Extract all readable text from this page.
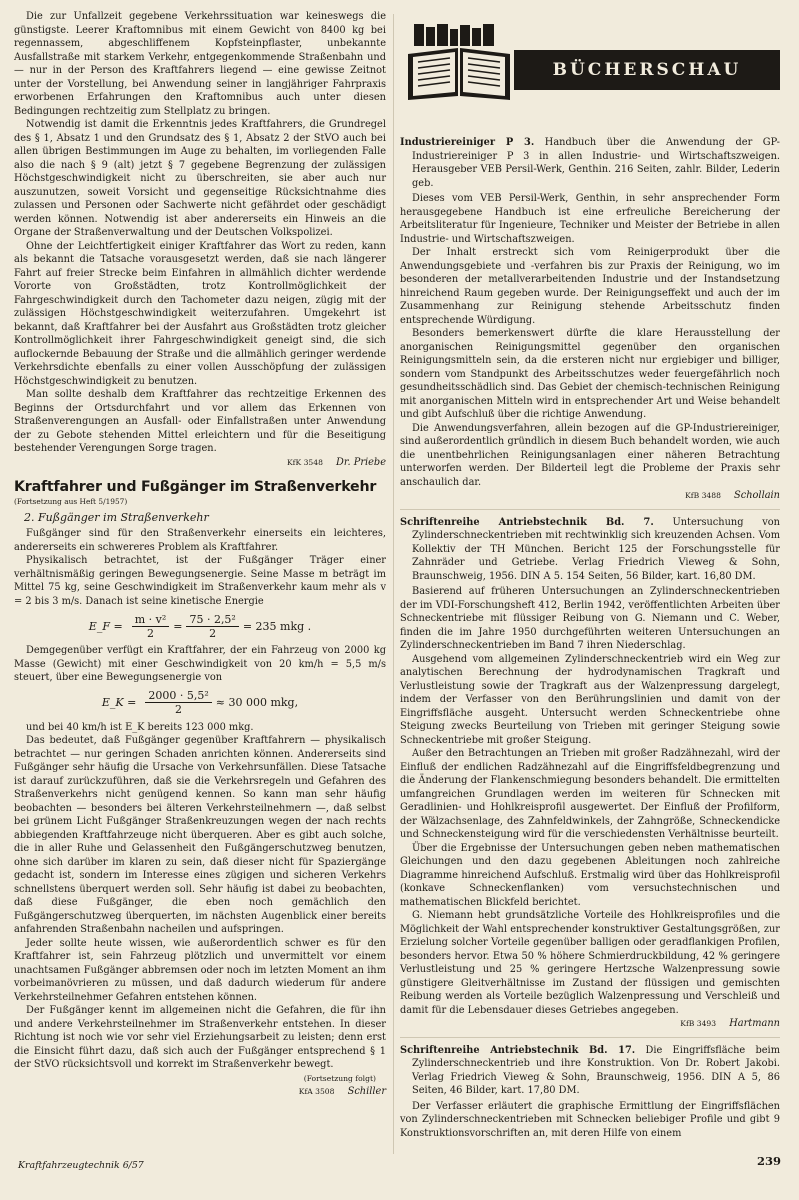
Die zur Unfallzeit gegebene Verkehrssituation war keineswegs die günstigste. Leerer Kraftomnibus mit einem Gewicht von 8400 kg bei regennassem, abgeschliffenem Kopfsteinpflaster, unbekannte Ausfallstraße mit starkem Verkehr, entgegenkommende Straßenbahn und — nur in der Person des Kraftfahrers liegend — eine gewisse Zeitnot unter der Vorstellung, bei Anwendung seiner in langjähriger Fahrpraxis erworbenen Erfahrungen den Kraftomnibus auch unter diesen Bedingungen rechtzeitig zum Stellplatz zu bringen.

Notwendig ist damit die Erkenntnis jedes Kraftfahrers, die Grundregel des § 1, Absatz 1 und den Grundsatz des § 1, Absatz 2 der StVO auch bei allen übrigen Bestimmungen im Auge zu behalten, im vorliegenden Falle also die nach § 9 (alt) jetzt § 7 gegebene Begrenzung der zulässigen Höchstgeschwindigkeit nicht zu überschreiten, sie aber auch nur auszunutzen, soweit Vorsicht und gegenseitige Rücksichtnahme dies zulassen und Personen oder Sachwerte nicht gefährdet oder geschädigt werden können. Notwendig ist aber andererseits ein Hinweis an die Organe der Straßenverwaltung und der Deutschen Volkspolizei.

Ohne der Leichtfertigkeit einiger Kraftfahrer das Wort zu reden, kann als bekannt die Tatsache vorausgesetzt werden, daß sie nach längerer Fahrt auf freier Strecke beim Einfahren in allmählich dichter werdende Vororte von Großstädten, trotz Kontrollmöglichkeit der Fahrgeschwindigkeit durch den Tachometer dazu neigen, zügig mit der zulässigen Höchstgeschwindigkeit weiterzufahren. Umgekehrt ist bekannt, daß Kraftfahrer bei der Ausfahrt aus Großstädten trotz gleicher Kontrollmöglichkeit ihrer Fahrgeschwindigkeit geneigt sind, die sich auflockernde Bebauung der Straße und die allmählich geringer werdende Verkehrsdichte ebenfalls zu einer vollen Ausschöpfung der zulässigen Höchstgeschwindigkeit zu benutzen.

Man sollte deshalb dem Kraftfahrer das rechtzeitige Erkennen des Beginns der Ortsdurchfahrt und vor allem das Erkennen von Straßenverengungen an Ausfall- oder Einfallstraßen unter Anwendung der zu Gebote stehenden Mittel erleichtern und für die Beseitigung bestehender Verengungen Sorge tragen.

KfK 3548 Dr. Priebe
Kraftfahrer und Fußgänger im Straßenverkehr
(Fortsetzung aus Heft 5/1957)
2. Fußgänger im Straßenverkehr

Fußgänger sind für den Straßenverkehr einerseits ein leichteres, andererseits ein schwereres Problem als Kraftfahrer.

Physikalisch betrachtet, ist der Fußgänger Träger einer verhältnismäßig geringen Bewegungsenergie. Seine Masse m beträgt im Mittel 75 kg, seine Geschwindigkeit im Straßenverkehr kaum mehr als v = 2 bis 3 m/s. Danach ist seine kinetische Energie

E_F = $\frac{\text{m · v²}}{2} = \frac{\text{75 · 2,5²}}{2} = 235$ mkg .

Demgegenüber verfügt ein Kraftfahrer, der ein Fahrzeug von 2000 kg Masse (Gewicht) mit einer Geschwindigkeit von 20 km/h = 5,5 m/s steuert, über eine Bewegungsenergie von

E_K = $\frac{\text{2000 · 5,5²}}{2} \approx 30$ 000 mkg,

und bei 40 km/h ist E_K bereits 123 000 mkg.

Das bedeutet, daß Fußgänger gegenüber Kraftfahrern — physikalisch betrachtet — nur geringen Schaden anrichten können. Andererseits sind Fußgänger sehr häufig die Ursache von Verkehrsunfällen. Diese Tatsache ist darauf zurückzuführen, daß sie die Verkehrsregeln und Gefahren des Straßenverkehrs nicht genügend kennen. So kann man sehr häufig beobachten — besonders bei älteren Verkehrsteilnehmern —, daß selbst bei grünem Licht Fußgänger Straßenkreuzungen wegen der nach rechts abbiegenden Kraftfahrzeuge nicht überqueren. Aber es gibt auch solche, die in aller Ruhe und Gelassenheit den Fußgängerschutzweg benutzen, ohne sich darüber im klaren zu sein, daß dieser nicht für Spaziergänge gedacht ist, sondern im Interesse eines zügigen und sicheren Verkehrs schnellstens überquert werden soll. Sehr häufig ist dabei zu beobachten, daß diese Fußgänger, die eben noch gemächlich den Fußgängerschutzweg überquerten, im nächsten Augenblick einer bereits anfahrenden Straßenbahn nacheilen und aufspringen.

Jeder sollte heute wissen, wie außerordentlich schwer es für den Kraftfahrer ist, sein Fahrzeug plötzlich und unvermittelt vor einem unachtsamen Fußgänger abbremsen oder noch im letzten Moment an ihm vorbeimanövrieren zu müssen, und daß dadurch wiederum für andere Verkehrsteilnehmer Gefahren entstehen können.

Der Fußgänger kennt im allgemeinen nicht die Gefahren, die für ihn und andere Verkehrsteilnehmer im Straßenverkehr entstehen. In dieser Richtung ist noch wie vor sehr viel Erziehungsarbeit zu leisten; denn erst die Einsicht führt dazu, daß sich auch der Fußgänger entsprechend § 1 der StVO rücksichtsvoll und korrekt im Straßenverkehr bewegt.

(Fortsetzung folgt)
KfA 3508 Schiller
BÜCHERSCHAU
Industriereiniger P 3. Handbuch über die Anwendung der GP-Industriereiniger P 3 in allen Industrie- und Wirtschaftszweigen. Herausgeber VEB Persil-Werk, Genthin. 216 Seiten, zahlr. Bilder, Lederin geb.

Dieses vom VEB Persil-Werk, Genthin, in sehr ansprechender Form herausgegebene Handbuch ist eine erfreuliche Bereicherung der Arbeitsliteratur für Ingenieure, Techniker und Meister der Betriebe in allen Industrie- und Wirtschaftszweigen.

Der Inhalt erstreckt sich vom Reinigerprodukt über die Anwendungsgebiete und -verfahren bis zur Praxis der Reinigung, wo im besonderen der metallverarbeitenden Industrie und der Instandsetzung hinreichend Raum gegeben wurde. Der Reinigungseffekt und auch der im Zusammenhang zur Reinigung stehende Arbeitsschutz finden entsprechende Würdigung.

Besonders bemerkenswert dürfte die klare Herausstellung der anorganischen Reinigungsmittel gegenüber den organischen Reinigungsmitteln sein, da die ersteren nicht nur ergiebiger und billiger, sondern vom Standpunkt des Arbeitsschutzes weder feuergefährlich noch gesundheitsschädlich sind. Das Gebiet der chemisch-technischen Reinigung mit anorganischen Mitteln wird in entsprechender Art und Weise behandelt und gibt Aufschluß über die richtige Anwendung.

Die Anwendungsverfahren, allein bezogen auf die GP-Industriereiniger, sind außerordentlich gründlich in diesem Buch behandelt worden, wie auch die unentbehrlichen Reinigungsanlagen einer näheren Betrachtung unterworfen werden. Der Bilderteil legt die Probleme der Praxis sehr anschaulich dar.

KfB 3488 Schollain
Schriftenreihe Antriebstechnik Bd. 7. Untersuchung von Zylinderschneckentrieben mit rechtwinklig sich kreuzenden Achsen. Vom Kollektiv der TH München. Bericht 125 der Forschungsstelle für Zahnräder und Getriebe. Verlag Friedrich Vieweg & Sohn, Braunschweig, 1956. DIN A 5. 154 Seiten, 56 Bilder, kart. 16,80 DM.

Basierend auf früheren Untersuchungen an Zylinderschneckentrieben der im VDI-Forschungsheft 412, Berlin 1942, veröffentlichten Arbeiten über Schneckentriebe mit flüssiger Reibung von G. Niemann und C. Weber, finden die im Jahre 1950 durchgeführten weiteren Untersuchungen an Zylinderschneckentrieben im Band 7 ihren Niederschlag.

Ausgehend vom allgemeinen Zylinderschneckentrieb wird ein Weg zur analytischen Berechnung der hydrodynamischen Tragkraft und Verlustleistung sowie der Tragkraft aus der Walzenpressung dargelegt, indem der Verfasser von den Berührungslinien und damit von der Eingriffsfläche ausgeht. Untersucht werden Schneckentriebe ohne Steigung zwecks Beurteilung von Trieben mit geringer Steigung sowie Schneckentriebe mit großer Steigung.

Außer den Betrachtungen an Trieben mit großer Radzähnezahl, wird der Einfluß der endlichen Radzähnezahl auf die Eingriffsfeldbegrenzung und die Änderung der Flankenschmiegung besonders behandelt. Die ermittelten umfangreichen Grundlagen werden im weiteren für Schnecken mit Geradlinien- und Hohlkreisprofil ausgewertet. Der Einfluß der Profilform, der Wälzachsenlage, des Zahnfeldwinkels, der Zahngröße, Schneckendicke und Schneckensteigung wird für die verschiedensten Verhältnisse beurteilt.

Über die Ergebnisse der Untersuchungen geben neben mathematischen Gleichungen und den dazu gegebenen Ableitungen noch zahlreiche Diagramme hinreichend Aufschluß. Erstmalig wird über das Hohlkreisprofil (konkave Schneckenflanken) vom versuchstechnischen und mathematischen Blickfeld berichtet.

G. Niemann hebt grundsätzliche Vorteile des Hohlkreisprofiles und die Möglichkeit der Wahl entsprechender konstruktiver Gestaltungsgrößen, zur Erzielung solcher Vorteile gegenüber balligen oder geradflankigen Profilen, besonders hervor. Etwa 50 % höhere Schmierdruckbildung, 42 % geringere Verlustleistung und 25 % geringere Hertzsche Walzenpressung sowie günstigere Gleitverhältnisse im Zustand der flüssigen und gemischten Reibung werden als Vorteile bezüglich Walzenpressung und Verschleiß und damit für die Lebensdauer dieses Getriebes angegeben.

KfB 3493 Hartmann
Schriftenreihe Antriebstechnik Bd. 17. Die Eingriffsfläche beim Zylinderschneckentrieb und ihre Konstruktion. Von Dr. Robert Jakobi. Verlag Friedrich Vieweg & Sohn, Braunschweig, 1956. DIN A 5, 86 Seiten, 46 Bilder, kart. 17,80 DM.

Der Verfasser erläutert die graphische Ermittlung der Eingriffsflächen von Zylinderschneckentrieben mit Schnecken beliebiger Profile und gibt 9 Konstruktionsvorschriften an, mit deren Hilfe von einem

Kraftfahrzeugtechnik 6/57	239
